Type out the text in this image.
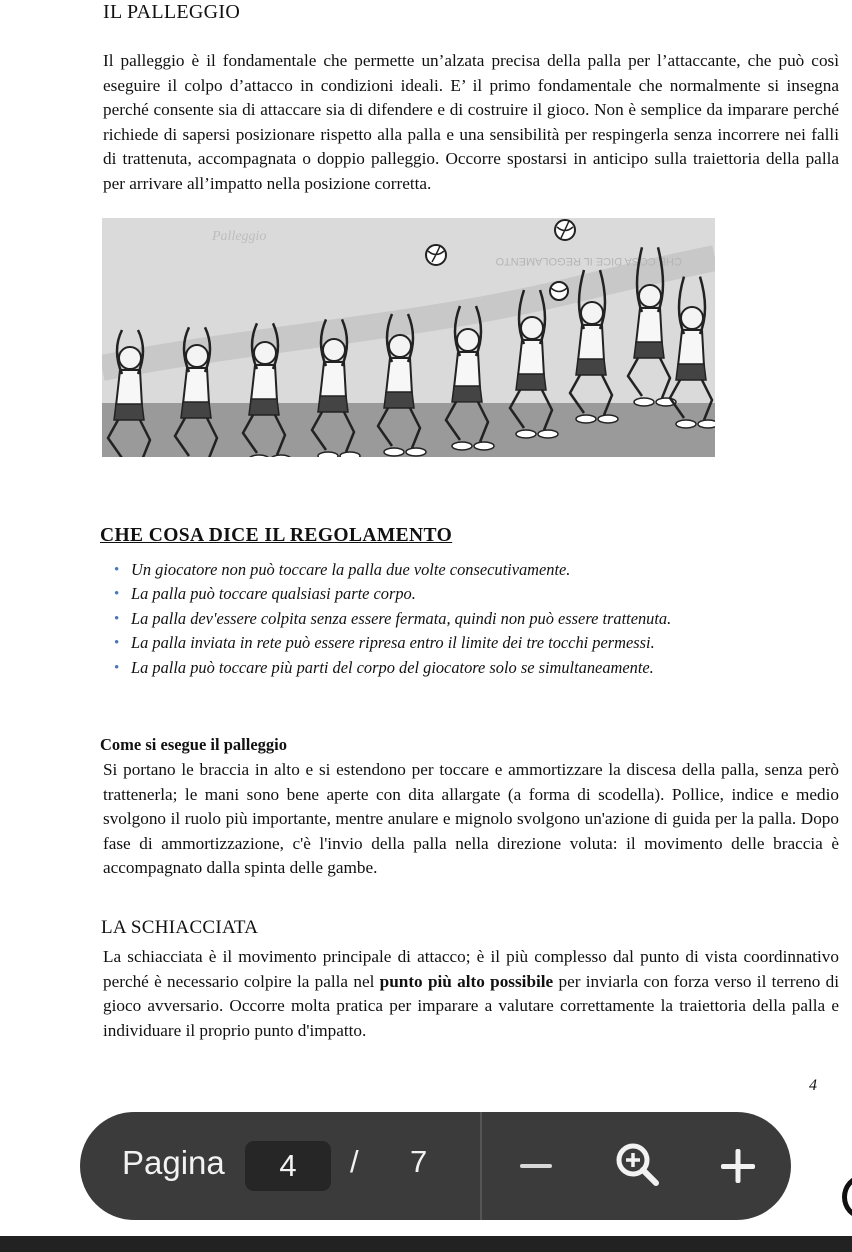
IL PALLEGGIO
Il palleggio è il fondamentale che permette un’alzata precisa della palla per l’attaccante, che può così eseguire il colpo d’attacco in condizioni ideali. E’ il primo fondamentale che normalmente si insegna perché consente sia di attaccare sia di difendere e di costruire il gioco. Non è semplice da imparare perché richiede di sapersi posizionare rispetto alla palla e una sensibilità per respingerla senza incorrere nei falli di trattenuta, accompagnata o doppio palleggio. Occorre spostarsi in anticipo sulla traiettoria della palla per arrivare all’impatto nella posizione corretta.
Palleggio
CHE COSA DICE IL REGOLAMENTO
CHE COSA DICE IL REGOLAMENTO
• Un giocatore non può toccare la palla due volte consecutivamente.
• La palla può toccare qualsiasi parte corpo.
• La palla dev'essere colpita senza essere fermata, quindi non può essere trattenuta.
• La palla inviata in rete può essere ripresa entro il limite dei tre tocchi permessi.
• La palla può toccare più parti del corpo del giocatore solo se simultaneamente.
Come si esegue il palleggio
Si portano le braccia in alto e si estendono per toccare e ammortizzare la discesa della palla, senza però trattenerla; le mani sono bene aperte con dita allargate (a forma di scodella). Pollice, indice e medio svolgono il ruolo più importante, mentre anulare e mignolo svolgono un'azione di guida per la palla. Dopo fase di ammortizzazione, c'è l'invio della palla nella direzione voluta: il movimento delle braccia è accompagnato dalla spinta delle gambe.
LA SCHIACCIATA
La schiacciata è il movimento principale di attacco; è il più complesso dal punto di vista coordinnativo perché è necessario colpire la palla nel punto più alto possibile per inviarla con forza verso il terreno di gioco avversario. Occorre molta pratica per imparare a valutare correttamente la traiettoria della palla e individuare il proprio punto d'impatto.
4
Pagina	4	/ 7
